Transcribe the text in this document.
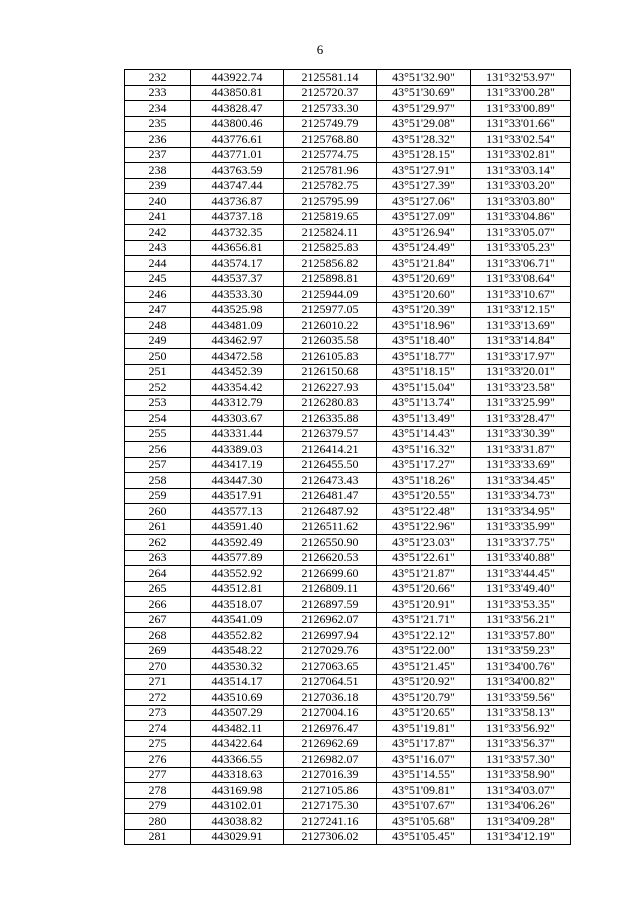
6
232	443922.74	2125581.14	43°51'32.90"	131°32'53.97"
233	443850.81	2125720.37	43°51'30.69"	131°33'00.28"
234	443828.47	2125733.30	43°51'29.97"	131°33'00.89"
235	443800.46	2125749.79	43°51'29.08"	131°33'01.66"
236	443776.61	2125768.80	43°51'28.32"	131°33'02.54"
237	443771.01	2125774.75	43°51'28.15"	131°33'02.81"
238	443763.59	2125781.96	43°51'27.91"	131°33'03.14"
239	443747.44	2125782.75	43°51'27.39"	131°33'03.20"
240	443736.87	2125795.99	43°51'27.06"	131°33'03.80"
241	443737.18	2125819.65	43°51'27.09"	131°33'04.86"
242	443732.35	2125824.11	43°51'26.94"	131°33'05.07"
243	443656.81	2125825.83	43°51'24.49"	131°33'05.23"
244	443574.17	2125856.82	43°51'21.84"	131°33'06.71"
245	443537.37	2125898.81	43°51'20.69"	131°33'08.64"
246	443533.30	2125944.09	43°51'20.60"	131°33'10.67"
247	443525.98	2125977.05	43°51'20.39"	131°33'12.15"
248	443481.09	2126010.22	43°51'18.96"	131°33'13.69"
249	443462.97	2126035.58	43°51'18.40"	131°33'14.84"
250	443472.58	2126105.83	43°51'18.77"	131°33'17.97"
251	443452.39	2126150.68	43°51'18.15"	131°33'20.01"
252	443354.42	2126227.93	43°51'15.04"	131°33'23.58"
253	443312.79	2126280.83	43°51'13.74"	131°33'25.99"
254	443303.67	2126335.88	43°51'13.49"	131°33'28.47"
255	443331.44	2126379.57	43°51'14.43"	131°33'30.39"
256	443389.03	2126414.21	43°51'16.32"	131°33'31.87"
257	443417.19	2126455.50	43°51'17.27"	131°33'33.69"
258	443447.30	2126473.43	43°51'18.26"	131°33'34.45"
259	443517.91	2126481.47	43°51'20.55"	131°33'34.73"
260	443577.13	2126487.92	43°51'22.48"	131°33'34.95"
261	443591.40	2126511.62	43°51'22.96"	131°33'35.99"
262	443592.49	2126550.90	43°51'23.03"	131°33'37.75"
263	443577.89	2126620.53	43°51'22.61"	131°33'40.88"
264	443552.92	2126699.60	43°51'21.87"	131°33'44.45"
265	443512.81	2126809.11	43°51'20.66"	131°33'49.40"
266	443518.07	2126897.59	43°51'20.91"	131°33'53.35"
267	443541.09	2126962.07	43°51'21.71"	131°33'56.21"
268	443552.82	2126997.94	43°51'22.12"	131°33'57.80"
269	443548.22	2127029.76	43°51'22.00"	131°33'59.23"
270	443530.32	2127063.65	43°51'21.45"	131°34'00.76"
271	443514.17	2127064.51	43°51'20.92"	131°34'00.82"
272	443510.69	2127036.18	43°51'20.79"	131°33'59.56"
273	443507.29	2127004.16	43°51'20.65"	131°33'58.13"
274	443482.11	2126976.47	43°51'19.81"	131°33'56.92"
275	443422.64	2126962.69	43°51'17.87"	131°33'56.37"
276	443366.55	2126982.07	43°51'16.07"	131°33'57.30"
277	443318.63	2127016.39	43°51'14.55"	131°33'58.90"
278	443169.98	2127105.86	43°51'09.81"	131°34'03.07"
279	443102.01	2127175.30	43°51'07.67"	131°34'06.26"
280	443038.82	2127241.16	43°51'05.68"	131°34'09.28"
281	443029.91	2127306.02	43°51'05.45"	131°34'12.19"
